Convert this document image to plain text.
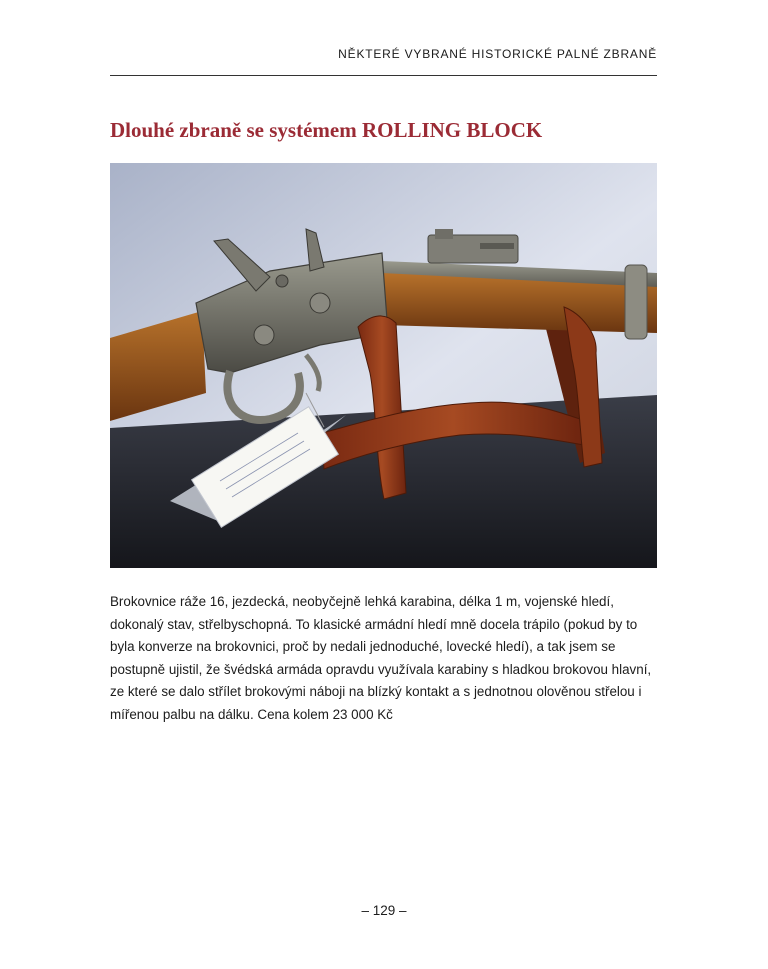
NĚKTERÉ VYBRANÉ HISTORICKÉ PALNÉ ZBRANĚ
Dlouhé zbraně se systémem ROLLING BLOCK

Brokovnice ráže 16, jezdecká, neobyčejně lehká karabina, délka 1 m, vojenské hledí, dokonalý stav, střelbyschopná. To klasické armádní hledí mně docela trápilo (pokud by to byla konverze na brokovnici, proč by nedali jednoduché, lovecké hledí), a tak jsem se postupně ujistil, že švédská armáda opravdu využívala karabiny s hladkou brokovou hlavní, ze které se dalo střílet brokovými náboji na blízký kontakt a s jednotnou olověnou střelou i mířenou palbu na dálku. Cena kolem 23 000 Kč

– 129 –
